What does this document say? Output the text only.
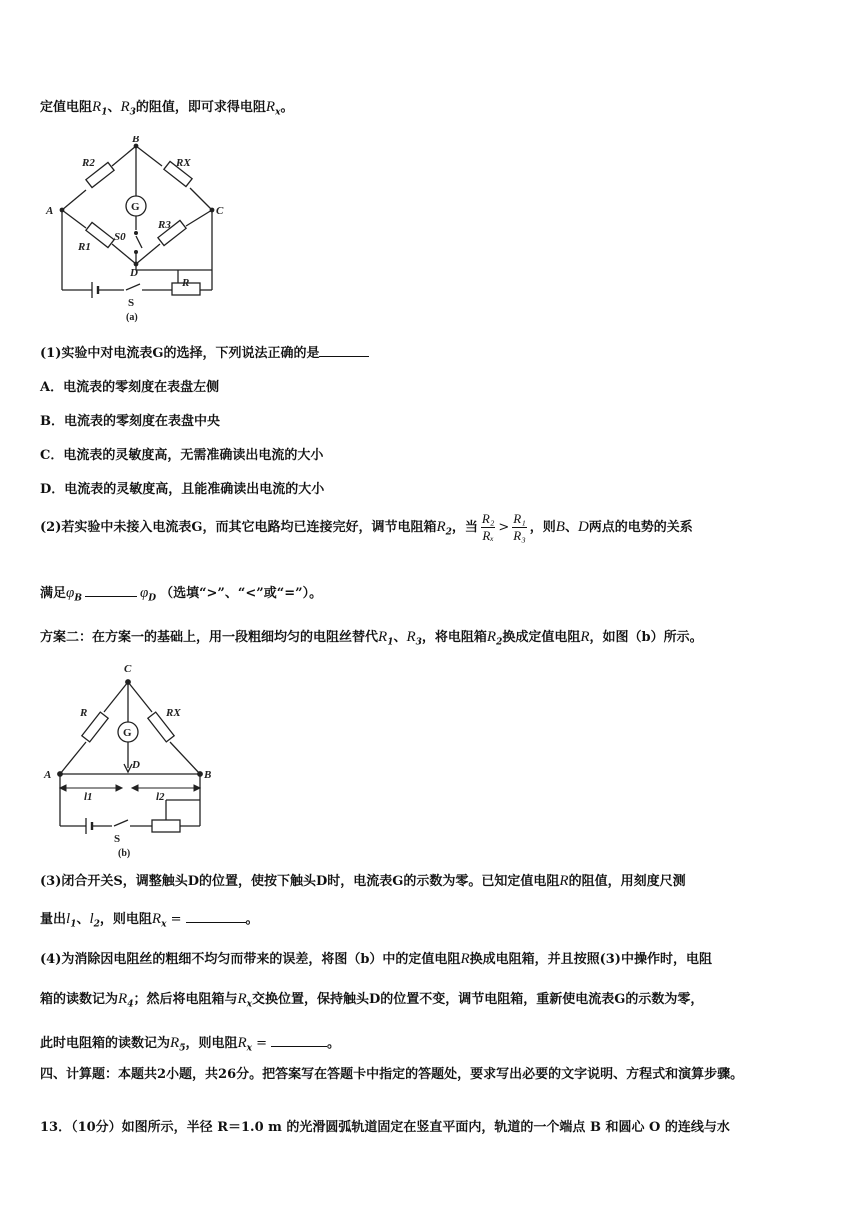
定值电阻$R_1$、$R_3$的阻值，即可求得电阻$R_x$。
A
B
C
D
R2	RX
R1
R3
S0
R
G
S
(a)
(1)实验中对电流表G的选择，下列说法正确的是
A．电流表的零刻度在表盘左侧
B．电流表的零刻度在表盘中央
C．电流表的灵敏度高，无需准确读出电流的大小
D．电流表的灵敏度高，且能准确读出电流的大小
(2)若实验中未接入电流表G，而其它电路均已连接完好，调节电阻箱$R_2$，当 $\frac{\text{R₂}}{\text{Rₓ}} > \frac{\text{R₁}}{\text{R₃}}$ ，则B、D两点的电势的关系
满足$\varphi_B$	$\varphi_D$ （选填“>”、“<”或“=”）。
方案二：在方案一的基础上，用一段粗细均匀的电阻丝替代$R_1$、$R_3$，将电阻箱$R_2$换成定值电阻R，如图（b）所示。
C
A	B
D
R	RX
l1	l2
G
S
(b)
(3)闭合开关S，调整触头D的位置，使按下触头D时，电流表G的示数为零。已知定值电阻R的阻值，用刻度尺测
量出$l_1$、$l_2$，则电阻$R_x$ =	。
(4)为消除因电阻丝的粗细不均匀而带来的误差，将图（b）中的定值电阻R换成电阻箱，并且按照(3)中操作时，电阻
箱的读数记为$R_4$；然后将电阻箱与$R_x$交换位置，保持触头D的位置不变，调节电阻箱，重新使电流表G的示数为零，
此时电阻箱的读数记为$R_5$，则电阻$R_x$ =	。
四、计算题：本题共2小题，共26分。把答案写在答题卡中指定的答题处，要求写出必要的文字说明、方程式和演算步骤。
13．（10分）如图所示，半径 R＝1.0 m 的光滑圆弧轨道固定在竖直平面内，轨道的一个端点 B 和圆心 O 的连线与水
